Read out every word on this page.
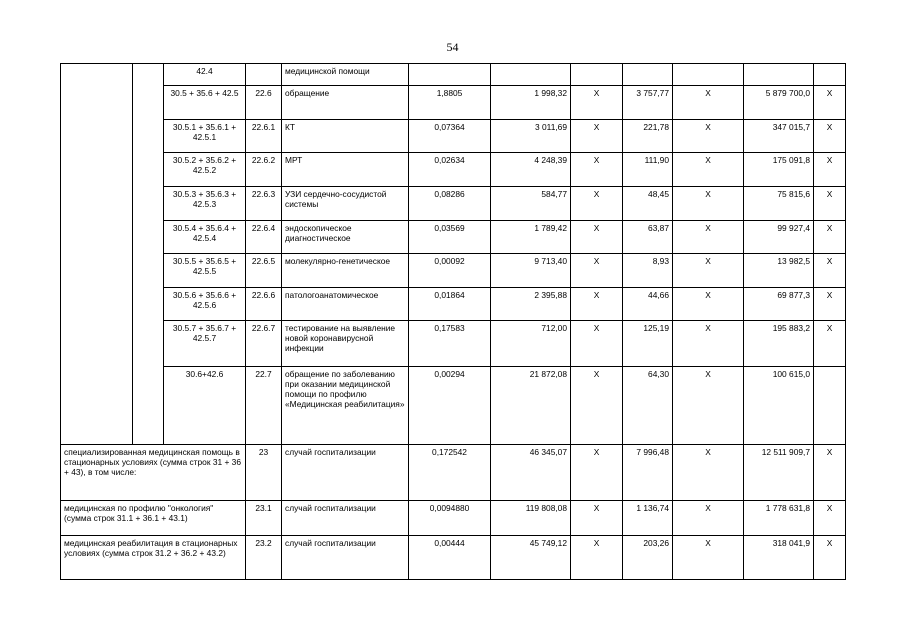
54
		42.4		медицинской помощи							
		30.5 + 35.6 + 42.5	22.6	обращение	1,8805	1 998,32	X	3 757,77	X	5 879 700,0	X
		30.5.1 + 35.6.1 + 42.5.1	22.6.1	КТ	0,07364	3 011,69	X	221,78	X	347 015,7	X
		30.5.2 + 35.6.2 + 42.5.2	22.6.2	МРТ	0,02634	4 248,39	X	111,90	X	175 091,8	X
		30.5.3 + 35.6.3 + 42.5.3	22.6.3	УЗИ сердечно-сосудистой системы	0,08286	584,77	X	48,45	X	75 815,6	X
		30.5.4 + 35.6.4 + 42.5.4	22.6.4	эндоскопическое диагностическое	0,03569	1 789,42	X	63,87	X	99 927,4	X
		30.5.5 + 35.6.5 + 42.5.5	22.6.5	молекулярно-генетическое	0,00092	9 713,40	X	8,93	X	13 982,5	X
		30.5.6 + 35.6.6 + 42.5.6	22.6.6	патологоанатомическое	0,01864	2 395,88	X	44,66	X	69 877,3	X
		30.5.7 + 35.6.7 + 42.5.7	22.6.7	тестирование на выявление новой коронавирусной инфекции	0,17583	712,00	X	125,19	X	195 883,2	X
		30.6+42.6	22.7	обращение по заболеванию при оказании медицинской помощи по профилю «Медицинская реабилитация»	0,00294	21 872,08	X	64,30	X	100 615,0	
специализированная медицинская помощь в стационарных условиях (сумма строк 31 + 36 + 43), в том числе:			23	случай госпитализации	0,172542	46 345,07	X	7 996,48	X	12 511 909,7	X
медицинская по профилю "онкология" (сумма строк 31.1 + 36.1 + 43.1)			23.1	случай госпитализации	0,0094880	119 808,08	X	1 136,74	X	1 778 631,8	X
медицинская реабилитация в стационарных условиях (сумма строк 31.2 + 36.2 + 43.2)			23.2	случай госпитализации	0,00444	45 749,12	X	203,26	X	318 041,9	X
